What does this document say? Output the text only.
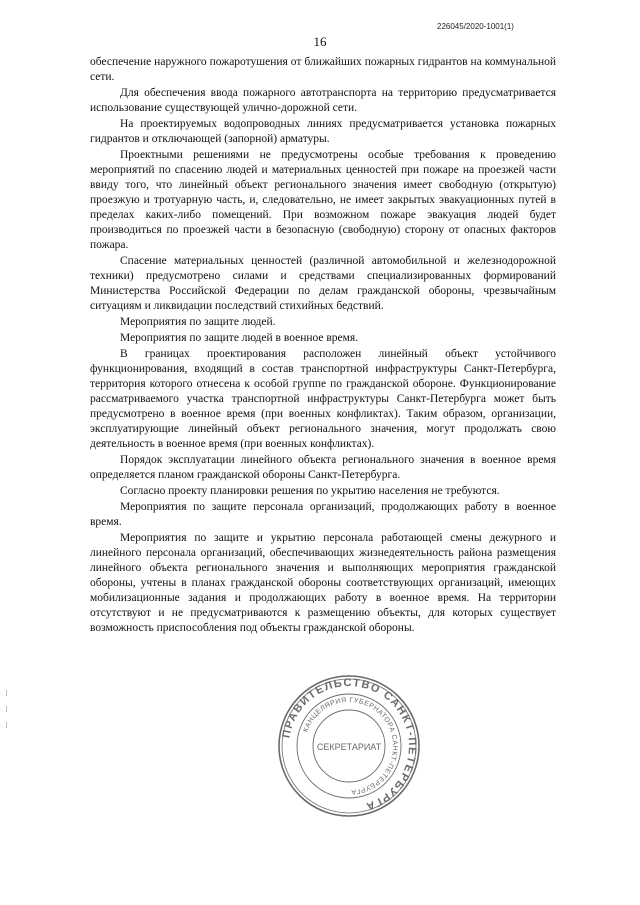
226045/2020-1001(1)
16

обеспечение наружного пожаротушения от ближайших пожарных гидрантов на коммунальной сети.

Для обеспечения ввода пожарного автотранспорта на территорию предусматривается использование существующей улично-дорожной сети.

На проектируемых водопроводных линиях предусматривается установка пожарных гидрантов и отключающей (запорной) арматуры.

Проектными решениями не предусмотрены особые требования к проведению мероприятий по спасению людей и материальных ценностей при пожаре на проезжей части ввиду того, что линейный объект регионального значения имеет свободную (открытую) проезжую и тротуарную часть, и, следовательно, не имеет закрытых эвакуационных путей в пределах каких-либо помещений. При возможном пожаре эвакуация людей будет производиться по проезжей части в безопасную (свободную) сторону от опасных факторов пожара.

Спасение материальных ценностей (различной автомобильной и железнодорожной техники) предусмотрено силами и средствами специализированных формирований Министерства Российской Федерации по делам гражданской обороны, чрезвычайным ситуациям и ликвидации последствий стихийных бедствий.

Мероприятия по защите людей.

Мероприятия по защите людей в военное время.

В границах проектирования расположен линейный объект устойчивого функционирования, входящий в состав транспортной инфраструктуры Санкт-Петербурга, территория которого отнесена к особой группе по гражданской обороне. Функционирование рассматриваемого участка транспортной инфраструктуры Санкт-Петербурга может быть предусмотрено в военное время (при военных конфликтах). Таким образом, организации, эксплуатирующие линейный объект регионального значения, могут продолжать свою деятельность в военное время (при военных конфликтах).

Порядок эксплуатации линейного объекта регионального значения в военное время определяется планом гражданской обороны Санкт-Петербурга.

Согласно проекту планировки решения по укрытию населения не требуются.

Мероприятия по защите персонала организаций, продолжающих работу в военное время.

Мероприятия по защите и укрытию персонала работающей смены дежурного и линейного персонала организаций, обеспечивающих жизнедеятельность района размещения линейного объекта регионального значения и выполняющих мероприятия гражданской обороны, учтены в планах гражданской обороны соответствующих организаций, имеющих мобилизационные задания и продолжающих работу в военное время. На территории отсутствуют и не предусматриваются к размещению объекты, для которых существует возможность приспособления под объекты гражданской обороны.

ПРАВИТЕЛЬСТВО САНКТ-ПЕТЕРБУРГА
КАНЦЕЛЯРИЯ ГУБЕРНАТОРА САНКТ-ПЕТЕРБУРГА
СЕКРЕТАРИАТ
